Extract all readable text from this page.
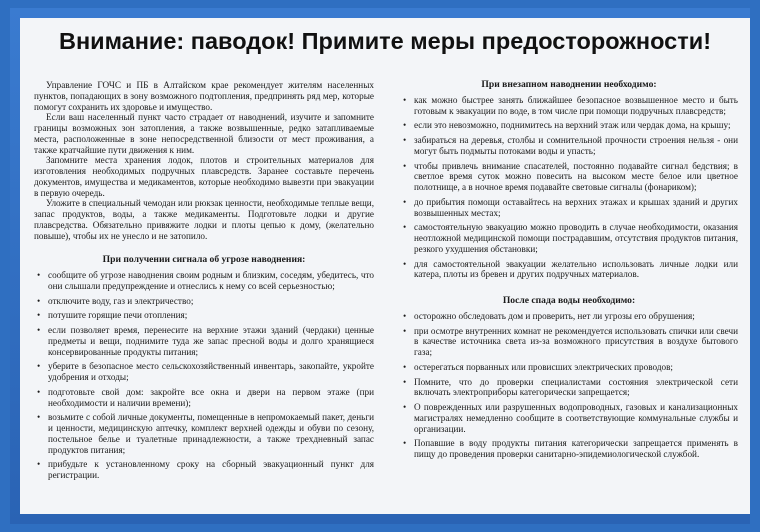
Внимание: паводок! Примите меры предосторожности!

Управление ГОЧС и ПБ в Алтайском крае рекомендует жителям населенных пунктов, попадающих в зону возможного подтопления, предпринять ряд мер, которые помогут сохранить их здоровье и имущество.

Если ваш населенный пункт часто страдает от наводнений, изучите и запомните границы возможных зон затопления, а также возвышенные, редко затапливаемые места, расположенные в зоне непосредственной близости от мест проживания, а также кратчайшие пути движения к ним.

Запомните места хранения лодок, плотов и строительных материалов для изготовления необходимых подручных плавсредств. Заранее составьте перечень документов, имущества и медикаментов, которые необходимо вывезти при эвакуации в первую очередь.

Уложите в специальный чемодан или рюкзак ценности, необходимые теплые вещи, запас продуктов, воды, а также медикаменты. Подготовьте лодки и другие плавсредства. Обязательно привяжите лодки и плоты цепью к дому, (желательно повыше), чтобы их не унесло и не затопило.

При получении сигнала об угрозе наводнения:
• сообщите об угрозе наводнения своим родным и близким, соседям, убедитесь, что они слышали предупреждение и отнеслись к нему со всей серьезностью;
• отключите воду, газ и электричество;
• потушите горящие печи отопления;
• если позволяет время, перенесите на верхние этажи зданий (чердаки) ценные предметы и вещи, поднимите туда же запас пресной воды и долго хранящиеся консервированные продукты питания;
• уберите в безопасное место сельскохозяйственный инвентарь, закопайте, укройте удобрения и отходы;
• подготовьте свой дом: закройте все окна и двери на первом этаже (при необходимости и наличии времени);
• возьмите с собой личные документы, помещенные в непромокаемый пакет, деньги и ценности, медицинскую аптечку, комплект верхней одежды и обуви по сезону, постельное белье и туалетные принадлежности, а также трехдневный запас продуктов питания;
• прибудьте к установленному сроку на сборный эвакуационный пункт для регистрации.
При внезапном наводнении необходимо:
• как можно быстрее занять ближайшее безопасное возвышенное место и быть готовым к эвакуации по воде, в том числе при помощи подручных плавсредств;
• если это невозможно, поднимитесь на верхний этаж или чердак дома, на крышу;
• забираться на деревья, столбы и сомнительной прочности строения нельзя - они могут быть подмыты потоками воды и упасть;
• чтобы привлечь внимание спасателей, постоянно подавайте сигнал бедствия; в светлое время суток можно повесить на высоком месте белое или цветное полотнище, а в ночное время подавайте световые сигналы (фонариком);
• до прибытия помощи оставайтесь на верхних этажах и крышах зданий и других возвышенных местах;
• самостоятельную эвакуацию можно проводить в случае необходимости, оказания неотложной медицинской помощи пострадавшим, отсутствия продуктов питания, резкого ухудшения обстановки;
• для самостоятельной эвакуации желательно использовать личные лодки или катера, плоты из бревен и других подручных материалов.
После спада воды необходимо:
• осторожно обследовать дом и проверить, нет ли угрозы его обрушения;
• при осмотре внутренних комнат не рекомендуется использовать спички или свечи в качестве источника света из-за возможного присутствия в воздухе бытового газа;
• остерегаться порванных или провисших электрических проводов;
• Помните, что до проверки специалистами состояния электрической сети включать электроприборы категорически запрещается;
• О поврежденных или разрушенных водопроводных, газовых и канализационных магистралях немедленно сообщите в соответствующие коммунальные службы и организации.
• Попавшие в воду продукты питания категорически запрещается применять в пищу до проведения проверки санитарно-эпидемиологической службой.
